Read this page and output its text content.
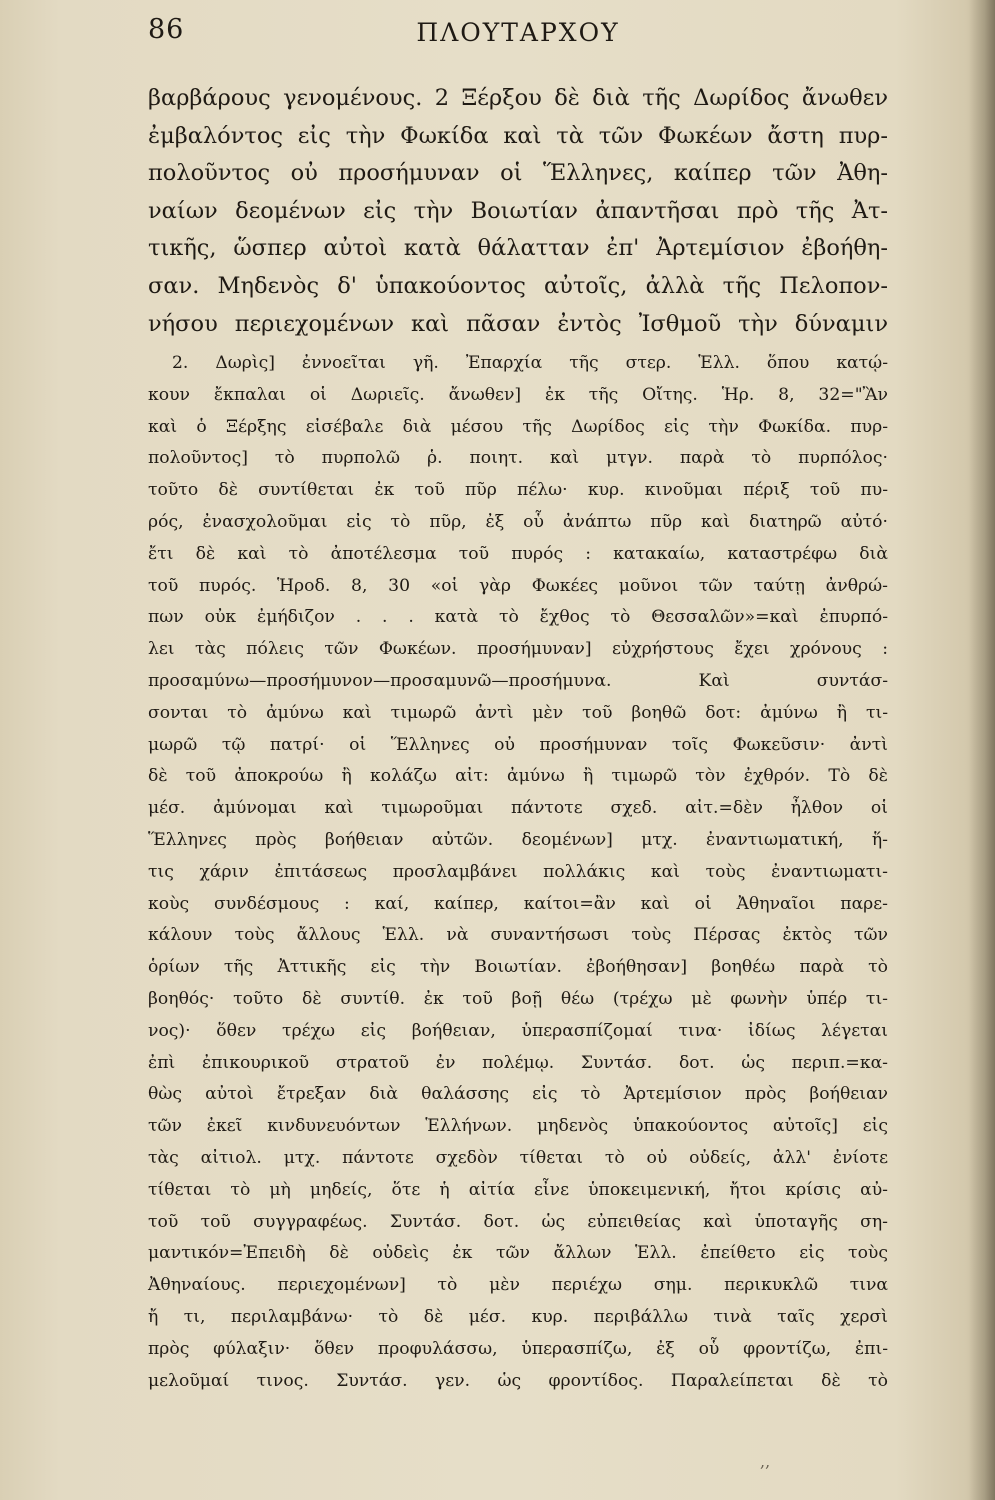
86	ΠΛΟΥΤΑΡΧΟΥ
βαρβάρους γενομένους. 2 Ξέρξου δὲ διὰ τῆς Δωρίδος ἄνωθεν
ἐμβαλόντος εἰς τὴν Φωκίδα καὶ τὰ τῶν Φωκέων ἄστη πυρ-
πολοῦντος οὐ προσήμυναν οἱ Ἕλληνες, καίπερ τῶν Ἀθη-
ναίων δεομένων εἰς τὴν Βοιωτίαν ἀπαντῆσαι πρὸ τῆς Ἀτ-
τικῆς, ὥσπερ αὐτοὶ κατὰ θάλατταν ἐπ' Ἀρτεμίσιον ἐβοήθη-
σαν. Μηδενὸς δ' ὑπακούοντος αὐτοῖς, ἀλλὰ τῆς Πελοπον-
νήσου περιεχομένων καὶ πᾶσαν ἐντὸς Ἰσθμοῦ τὴν δύναμιν
2. Δωρὶς] ἐννοεῖται γῆ. Ἐπαρχία τῆς στερ. Ἑλλ. ὅπου κατῴ-
κουν ἔκπαλαι οἱ Δωριεῖς. ἄνωθεν] ἐκ τῆς Οἴτης. Ἡρ. 8, 32="Ἂν
καὶ ὁ Ξέρξης εἰσέβαλε διὰ μέσου τῆς Δωρίδος εἰς τὴν Φωκίδα. πυρ-
πολοῦντος] τὸ πυρπολῶ ῥ. ποιητ. καὶ μτγν. παρὰ τὸ πυρπόλος·
τοῦτο δὲ συντίθεται ἐκ τοῦ πῦρ πέλω· κυρ. κινοῦμαι πέριξ τοῦ πυ-
ρός, ἐνασχολοῦμαι εἰς τὸ πῦρ, ἐξ οὗ ἀνάπτω πῦρ καὶ διατηρῶ αὐτό·
ἔτι δὲ καὶ τὸ ἀποτέλεσμα τοῦ πυρός : κατακαίω, καταστρέφω διὰ
τοῦ πυρός. Ἡροδ. 8, 30 «οἱ γὰρ Φωκέες μοῦνοι τῶν ταύτῃ ἀνθρώ-
πων οὐκ ἐμήδιζον . . . κατὰ τὸ ἔχθος τὸ Θεσσαλῶν»=καὶ ἐπυρπό-
λει τὰς πόλεις τῶν Φωκέων. προσήμυναν] εὐχρήστους ἔχει χρόνους :
προσαμύνω—προσήμυνον—προσαμυνῶ—προσήμυνα. Καὶ συντάσ-
σονται τὸ ἀμύνω καὶ τιμωρῶ ἀντὶ μὲν τοῦ βοηθῶ δοτ: ἀμύνω ἢ τι-
μωρῶ τῷ πατρί· οἱ Ἕλληνες οὐ προσήμυναν τοῖς Φωκεῦσιν· ἀντὶ
δὲ τοῦ ἀποκρούω ἢ κολάζω αἰτ: ἀμύνω ἢ τιμωρῶ τὸν ἐχθρόν. Τὸ δὲ
μέσ. ἀμύνομαι καὶ τιμωροῦμαι πάντοτε σχεδ. αἰτ.=δὲν ἦλθον οἱ
Ἕλληνες πρὸς βοήθειαν αὐτῶν. δεομένων] μτχ. ἐναντιωματική, ἥ-
τις χάριν ἐπιτάσεως προσλαμβάνει πολλάκις καὶ τοὺς ἐναντιωματι-
κοὺς συνδέσμους : καί, καίπερ, καίτοι=ἂν καὶ οἱ Ἀθηναῖοι παρε-
κάλουν τοὺς ἄλλους Ἑλλ. νὰ συναντήσωσι τοὺς Πέρσας ἐκτὸς τῶν
ὁρίων τῆς Ἀττικῆς εἰς τὴν Βοιωτίαν. ἐβοήθησαν] βοηθέω παρὰ τὸ
βοηθός· τοῦτο δὲ συντίθ. ἐκ τοῦ βοῇ θέω (τρέχω μὲ φωνὴν ὑπέρ τι-
νος)· ὅθεν τρέχω εἰς βοήθειαν, ὑπερασπίζομαί τινα· ἰδίως λέγεται
ἐπὶ ἐπικουρικοῦ στρατοῦ ἐν πολέμῳ. Συντάσ. δοτ. ὡς περιπ.=κα-
θὼς αὐτοὶ ἔτρεξαν διὰ θαλάσσης εἰς τὸ Ἀρτεμίσιον πρὸς βοήθειαν
τῶν ἐκεῖ κινδυνευόντων Ἑλλήνων. μηδενὸς ὑπακούοντος αὐτοῖς] εἰς
τὰς αἰτιολ. μτχ. πάντοτε σχεδὸν τίθεται τὸ οὐ οὐδείς, ἀλλ' ἐνίοτε
τίθεται τὸ μὴ μηδείς, ὅτε ἡ αἰτία εἶνε ὑποκειμενική, ἤτοι κρίσις αὐ-
τοῦ τοῦ συγγραφέως. Συντάσ. δοτ. ὡς εὐπειθείας καὶ ὑποταγῆς ση-
μαντικόν=Ἐπειδὴ δὲ οὐδεὶς ἐκ τῶν ἄλλων Ἑλλ. ἐπείθετο εἰς τοὺς
Ἀθηναίους. περιεχομένων] τὸ μὲν περιέχω σημ. περικυκλῶ τινα
ἤ τι, περιλαμβάνω· τὸ δὲ μέσ. κυρ. περιβάλλω τινὰ ταῖς χερσὶ
πρὸς φύλαξιν· ὅθεν προφυλάσσω, ὑπερασπίζω, ἐξ οὗ φροντίζω, ἐπι-
μελοῦμαί τινος. Συντάσ. γεν. ὡς φροντίδος. Παραλείπεται δὲ τὸ
,,
